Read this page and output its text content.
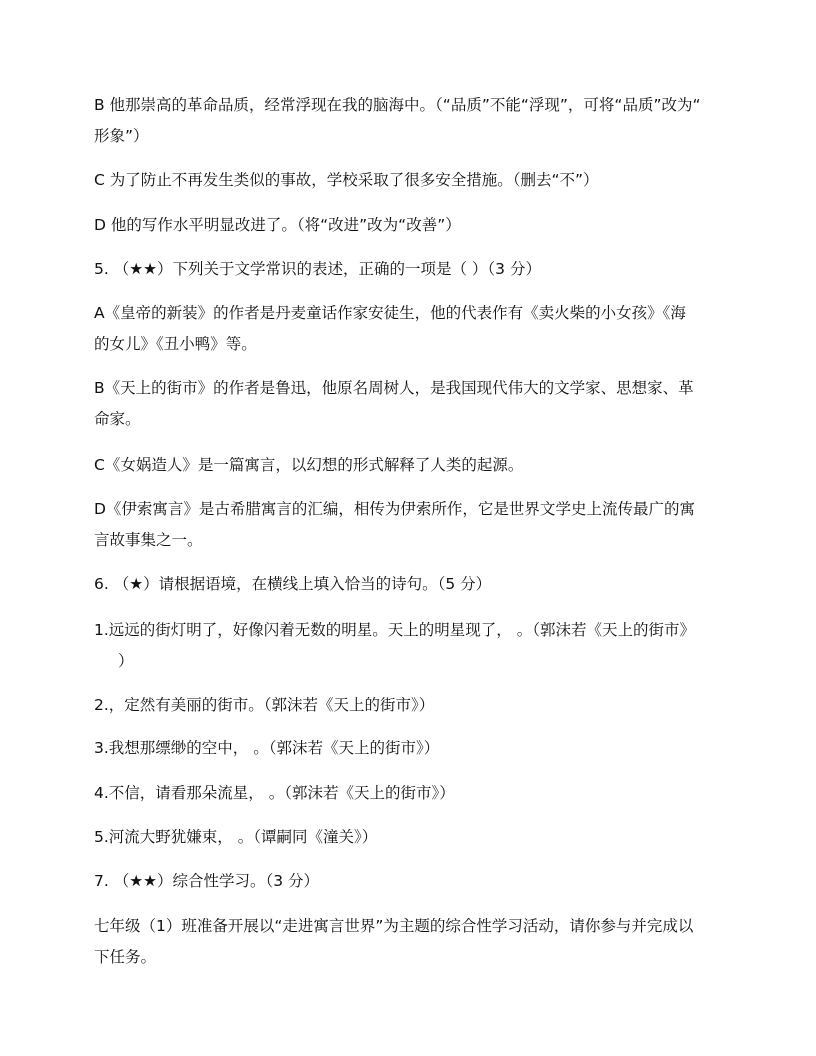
B 他那崇高的革命品质，经常浮现在我的脑海中。（“品质”不能“浮现”，可将“品质”改为“
形象”）

C 为了防止不再发生类似的事故，学校采取了很多安全措施。（删去“不”）

D 他的写作水平明显改进了。（将“改进”改为“改善”）

5. （★★）下列关于文学常识的表述，正确的一项是（ ）（3 分）

A《皇帝的新装》的作者是丹麦童话作家安徒生，他的代表作有《卖火柴的小女孩》《海
的女儿》《丑小鸭》等。

B《天上的街市》的作者是鲁迅，他原名周树人，是我国现代伟大的文学家、思想家、革
命家。

C《女娲造人》是一篇寓言，以幻想的形式解释了人类的起源。

D《伊索寓言》是古希腊寓言的汇编，相传为伊索所作，它是世界文学史上流传最广的寓
言故事集之一。

6. （★）请根据语境，在横线上填入恰当的诗句。（5 分）

1.远远的街灯明了，好像闪着无数的明星。天上的明星现了， 。（郭沫若《天上的街市》
）

2.，定然有美丽的街市。（郭沫若《天上的街市》）

3.我想那缥缈的空中， 。（郭沫若《天上的街市》）

4.不信，请看那朵流星， 。（郭沫若《天上的街市》）

5.河流大野犹嫌束， 。（谭嗣同《潼关》）

7. （★★）综合性学习。（3 分）

七年级（1）班准备开展以“走进寓言世界”为主题的综合性学习活动，请你参与并完成以
下任务。
